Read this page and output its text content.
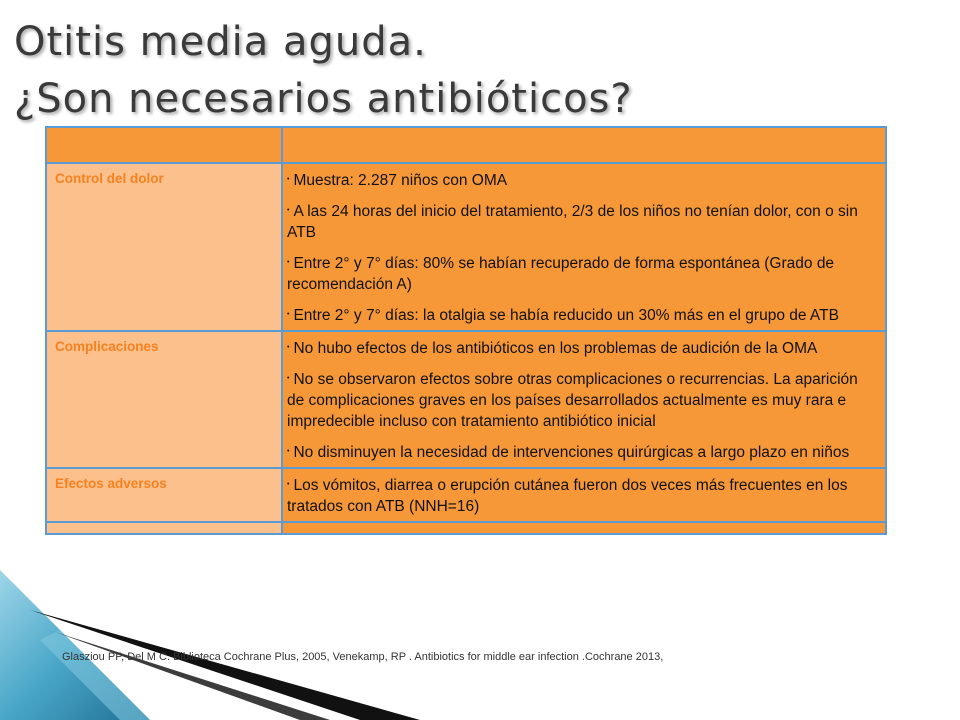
Otitis media aguda.
¿Son necesarios antibióticos?

Control del dolor	• Muestra: 2.287 niños con OMA
• A las 24 horas del inicio del tratamiento, 2/3 de los niños no tenían dolor, con o sin ATB
• Entre 2° y 7° días: 80% se habían recuperado de forma espontánea (Grado de recomendación A)
• Entre 2° y 7° días: la otalgia se había reducido un 30% más en el grupo de ATB

Complicaciones	• No hubo efectos de los antibióticos en los problemas de audición de la OMA
• No se observaron efectos sobre otras complicaciones o recurrencias. La aparición de complicaciones graves en los países desarrollados actualmente es muy rara e impredecible incluso con tratamiento antibiótico inicial
• No disminuyen la necesidad de intervenciones quirúrgicas a largo plazo en niños

Efectos adversos	• Los vómitos, diarrea o erupción cutánea fueron dos veces más frecuentes en los tratados con ATB (NNH=16)

Glasziou PP, Del M C. Biblioteca Cochrane Plus, 2005, Venekamp, RP . Antibiotics for middle ear infection .Cochrane 2013,
